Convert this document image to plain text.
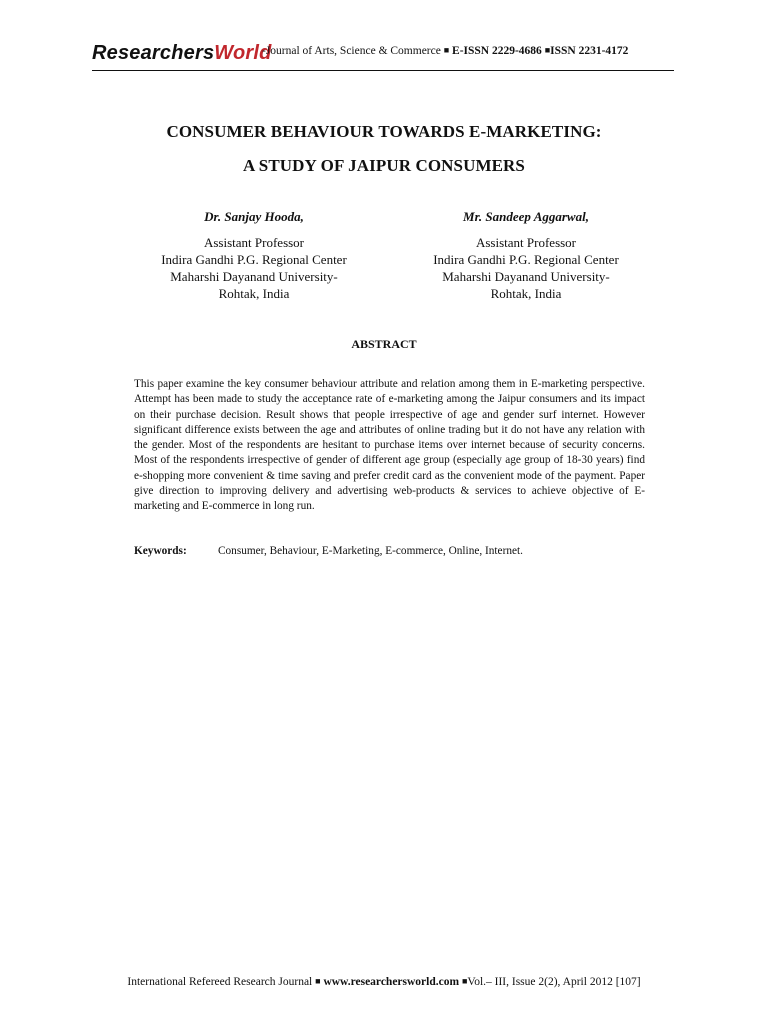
ResearchersWorld
-Journal of Arts, Science & Commerce ■ E-ISSN 2229-4686 ■ISSN 2231-4172
CONSUMER BEHAVIOUR TOWARDS E-MARKETING:
A STUDY OF JAIPUR CONSUMERS
Dr. Sanjay Hooda,
Assistant Professor
Indira Gandhi P.G. Regional Center
Maharshi Dayanand University-
Rohtak, India
Mr. Sandeep Aggarwal,
Assistant Professor
Indira Gandhi P.G. Regional Center
Maharshi Dayanand University-
Rohtak, India
ABSTRACT
This paper examine the key consumer behaviour attribute and relation among them in E-marketing perspective. Attempt has been made to study the acceptance rate of e-marketing among the Jaipur consumers and its impact on their purchase decision. Result shows that people irrespective of age and gender surf internet. However significant difference exists between the age and attributes of online trading but it do not have any relation with the gender. Most of the respondents are hesitant to purchase items over internet because of security concerns. Most of the respondents irrespective of gender of different age group (especially age group of 18-30 years) find e-shopping more convenient & time saving and prefer credit card as the convenient mode of the payment. Paper give direction to improving delivery and advertising web-products & services to achieve objective of E-marketing and E-commerce in long run.
Keywords:	Consumer, Behaviour, E-Marketing, E-commerce, Online, Internet.
International Refereed Research Journal ■ www.researchersworld.com ■Vol.– III, Issue 2(2), April 2012 [107]
